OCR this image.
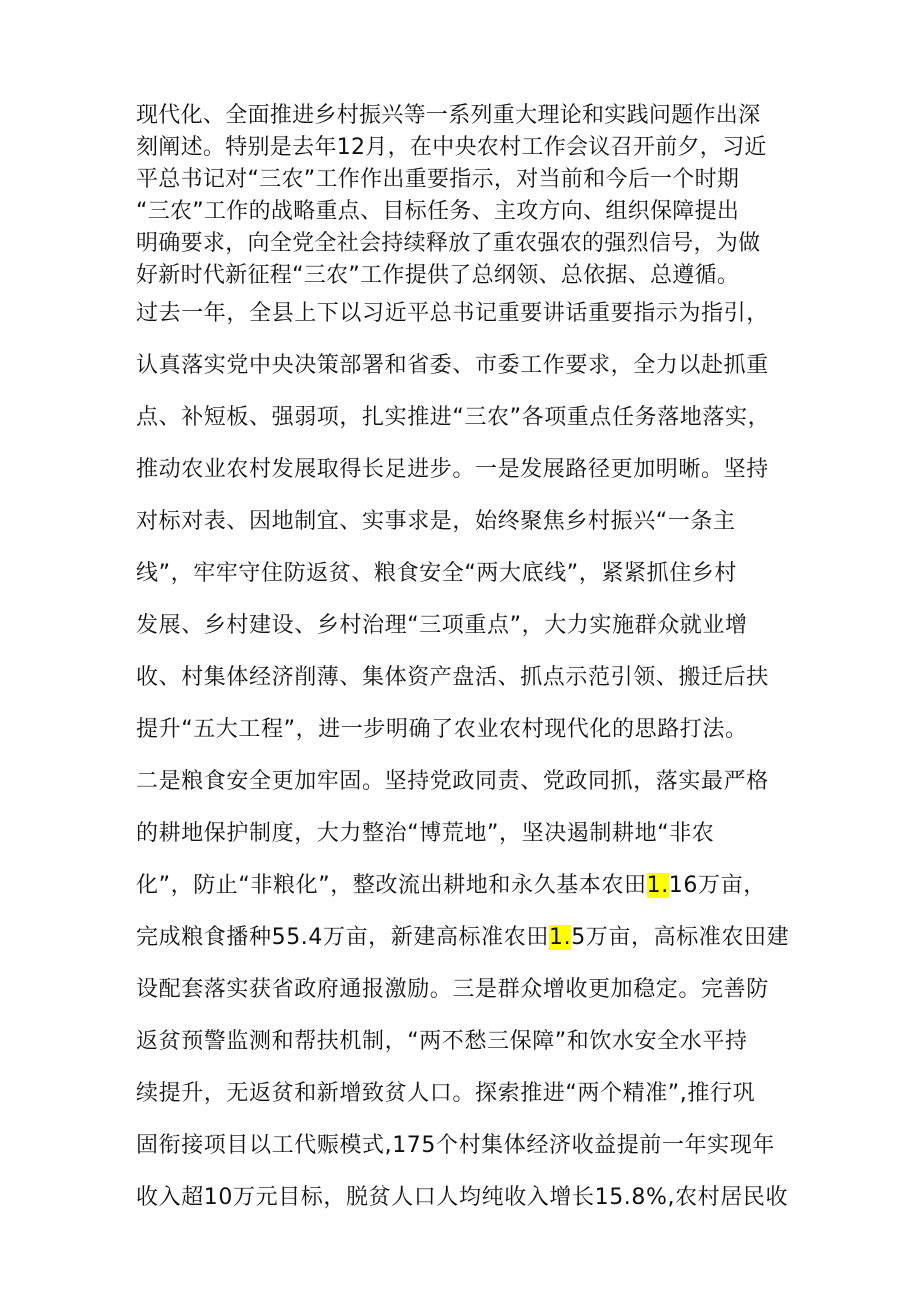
现代化、全面推进乡村振兴等一系列重大理论和实践问题作出深
刻阐述。特别是去年12月，在中央农村工作会议召开前夕，习近
平总书记对“三农”工作作出重要指示，对当前和今后一个时期
“三农”工作的战略重点、目标任务、主攻方向、组织保障提出
明确要求，向全党全社会持续释放了重农强农的强烈信号，为做
好新时代新征程“三农”工作提供了总纲领、总依据、总遵循。
过去一年，全县上下以习近平总书记重要讲话重要指示为指引，
认真落实党中央决策部署和省委、市委工作要求，全力以赴抓重
点、补短板、强弱项，扎实推进“三农”各项重点任务落地落实，
推动农业农村发展取得长足进步。一是发展路径更加明晰。坚持
对标对表、因地制宜、实事求是，始终聚焦乡村振兴“一条主
线”，牢牢守住防返贫、粮食安全“两大底线”，紧紧抓住乡村
发展、乡村建设、乡村治理“三项重点”，大力实施群众就业增
收、村集体经济削薄、集体资产盘活、抓点示范引领、搬迁后扶
提升“五大工程”，进一步明确了农业农村现代化的思路打法。
二是粮食安全更加牢固。坚持党政同责、党政同抓，落实最严格
的耕地保护制度，大力整治“博荒地”，坚决遏制耕地“非农
化”，防止“非粮化”，整改流出耕地和永久基本农田1.16万亩，
完成粮食播种55.4万亩，新建高标准农田1.5万亩，高标准农田建
设配套落实获省政府通报激励。三是群众增收更加稳定。完善防
返贫预警监测和帮扶机制，“两不愁三保障”和饮水安全水平持
续提升，无返贫和新增致贫人口。探索推进“两个精准”,推行巩
固衔接项目以工代赈模式,175个村集体经济收益提前一年实现年
收入超10万元目标，脱贫人口人均纯收入增长15.8%,农村居民收
